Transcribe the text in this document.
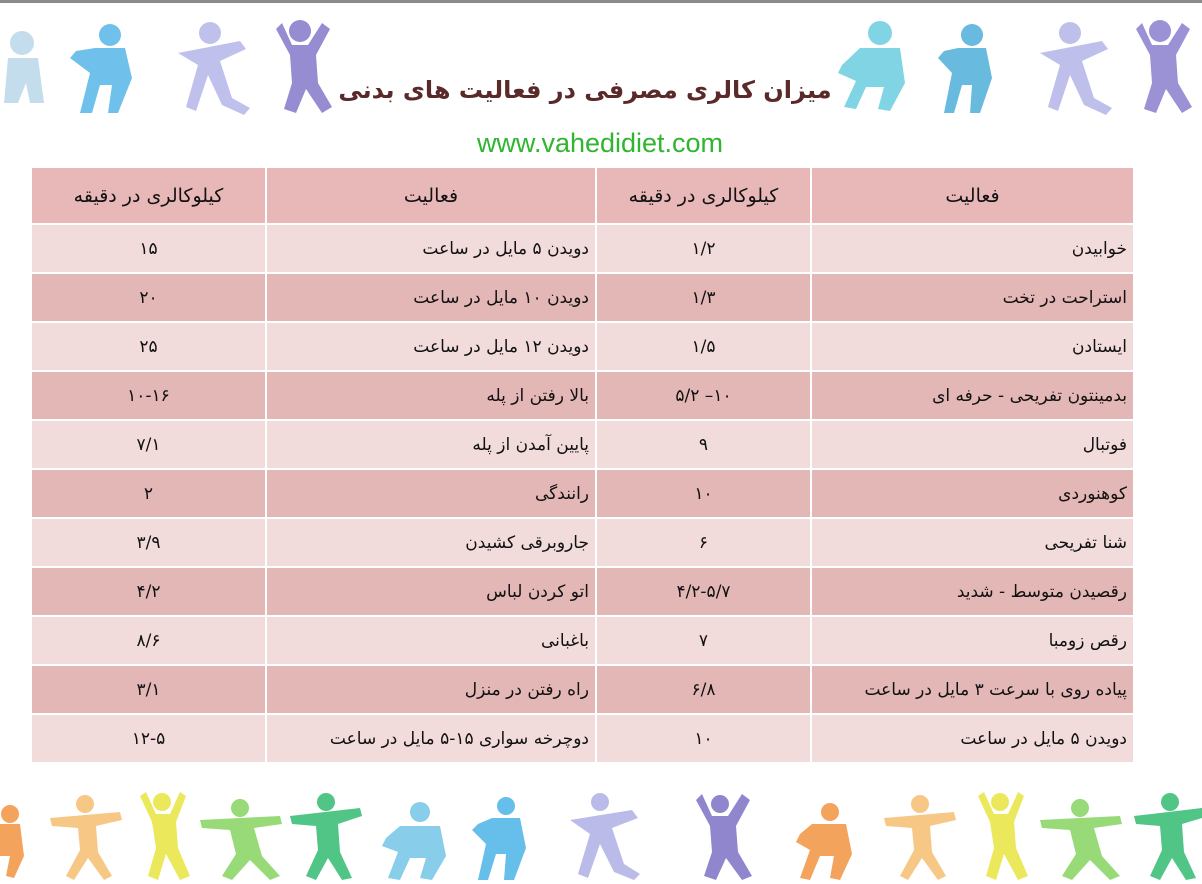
میزان کالری مصرفی در فعالیت های بدنی
www.vahedidiet.com
کیلوکالری در دقیقه	فعالیت	کیلوکالری در دقیقه	فعالیت
۱۵	دویدن ۵ مایل در ساعت	۱/۲	خوابیدن
۲۰	دویدن ۱۰ مایل در ساعت	۱/۳	استراحت در تخت
۲۵	دویدن ۱۲ مایل در ساعت	۱/۵	ایستادن
۱۰-۱۶	بالا رفتن از پله	۱۰– ۵/۲	بدمینتون تفریحی - حرفه ای
۷/۱	پایین آمدن از پله	۹	فوتبال
۲	رانندگی	۱۰	کوهنوردی
۳/۹	جاروبرقی کشیدن	۶	شنا تفریحی
۴/۲	اتو کردن لباس	۴/۲-۵/۷	رقصیدن متوسط - شدید
۸/۶	باغبانی	۷	رقص زومبا
۳/۱	راه رفتن در منزل	۶/۸	پیاده روی با سرعت ۳ مایل در ساعت
۱۲-۵	دوچرخه سواری ۱۵-۵ مایل در ساعت	۱۰	دویدن ۵ مایل در ساعت
